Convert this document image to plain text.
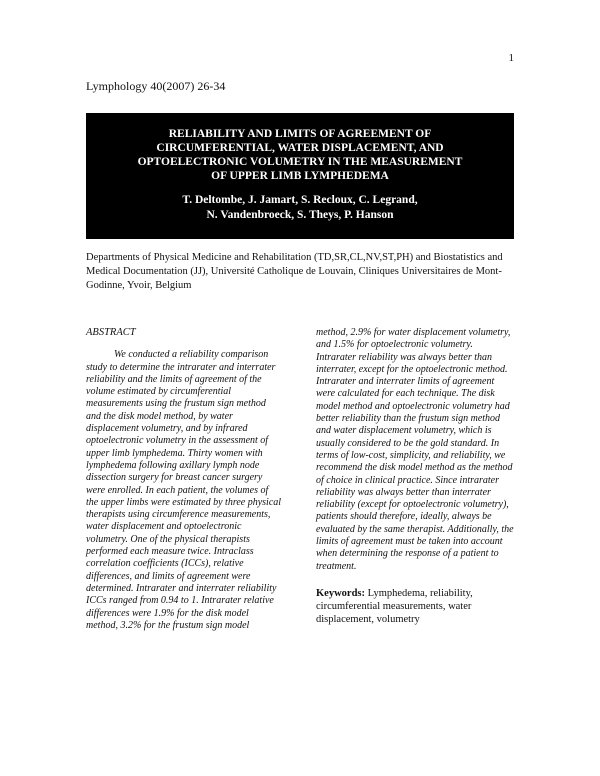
1
Lymphology 40(2007) 26-34
RELIABILITY AND LIMITS OF AGREEMENT OF
CIRCUMFERENTIAL, WATER DISPLACEMENT, AND
OPTOELECTRONIC VOLUMETRY IN THE MEASUREMENT
OF UPPER LIMB LYMPHEDEMA
T. Deltombe, J. Jamart, S. Recloux, C. Legrand,
N. Vandenbroeck, S. Theys, P. Hanson
Departments of Physical Medicine and Rehabilitation (TD,SR,CL,NV,ST,PH) and Biostatistics and Medical Documentation (JJ), Université Catholique de Louvain, Cliniques Universitaires de Mont-Godinne, Yvoir, Belgium
ABSTRACT

We conducted a reliability comparison study to determine the intrarater and interrater reliability and the limits of agreement of the volume estimated by circumferential measurements using the frustum sign method and the disk model method, by water displacement volumetry, and by infrared optoelectronic volumetry in the assessment of upper limb lymphedema. Thirty women with lymphedema following axillary lymph node dissection surgery for breast cancer surgery were enrolled. In each patient, the volumes of the upper limbs were estimated by three physical therapists using circumference measurements, water displacement and optoelectronic volumetry. One of the physical therapists performed each measure twice. Intraclass correlation coefficients (ICCs), relative differences, and limits of agreement were determined. Intrarater and interrater reliability ICCs ranged from 0.94 to 1. Intrarater relative differences were 1.9% for the disk model method, 3.2% for the frustum sign model

method, 2.9% for water displacement volumetry, and 1.5% for optoelectronic volumetry. Intrarater reliability was always better than interrater, except for the optoelectronic method. Intrarater and interrater limits of agreement were calculated for each technique. The disk model method and optoelectronic volumetry had better reliability than the frustum sign method and water displacement volumetry, which is usually considered to be the gold standard. In terms of low-cost, simplicity, and reliability, we recommend the disk model method as the method of choice in clinical practice. Since intrarater reliability was always better than interrater reliability (except for optoelectronic volumetry), patients should therefore, ideally, always be evaluated by the same therapist. Additionally, the limits of agreement must be taken into account when determining the response of a patient to treatment.

Keywords: Lymphedema, reliability, circumferential measurements, water displacement, volumetry
